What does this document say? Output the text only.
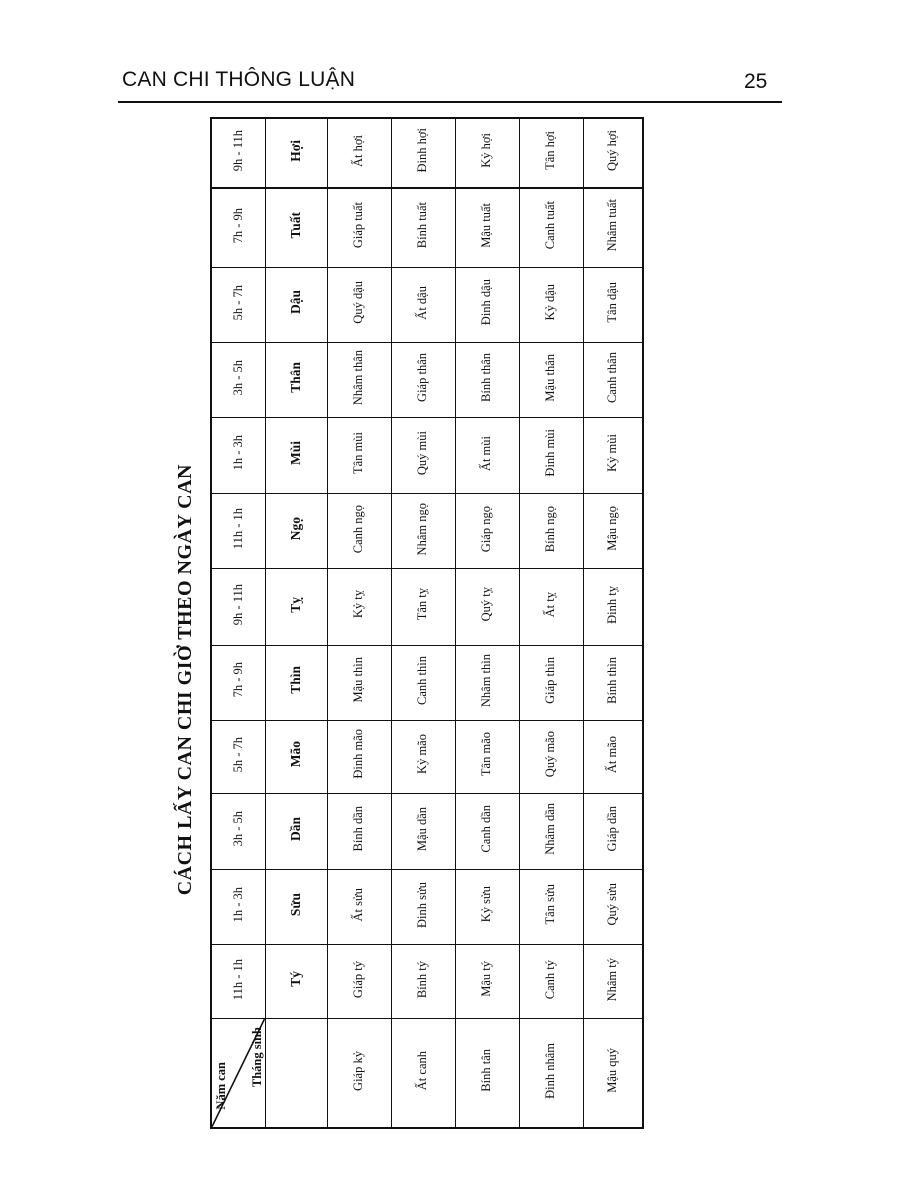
CAN CHI THÔNG LUẬN	25
CÁCH LẤY CAN CHI GIỜ THEO NGÀY CAN
9h - 11h	Hợi	Ất hợi	Đinh hợi	Kỷ hợi	Tân hợi	Quý hợi
7h - 9h	Tuất	Giáp tuất	Bính tuất	Mậu tuất	Canh tuất	Nhâm tuất
5h - 7h	Dậu	Quý dậu	Ất dậu	Đinh dậu	Kỷ dậu	Tân dậu
3h - 5h	Thân	Nhâm thân	Giáp thân	Bính thân	Mậu thân	Canh thân
1h - 3h	Mùi	Tân mùi	Quý mùi	Ất mùi	Đinh mùi	Kỷ mùi
11h - 1h	Ngọ	Canh ngọ	Nhâm ngọ	Giáp ngọ	Bính ngọ	Mậu ngọ
9h - 11h	Tỵ	Kỷ tỵ	Tân tỵ	Quý tỵ	Ất tỵ	Đinh tỵ
7h - 9h	Thìn	Mậu thìn	Canh thìn	Nhâm thìn	Giáp thìn	Bính thìn
5h - 7h	Mão	Đinh mão	Kỷ mão	Tân mão	Quý mão	Ất mão
3h - 5h	Dần	Bính dần	Mậu dần	Canh dần	Nhâm dần	Giáp dần
1h - 3h	Sửu	Ất sửu	Đinh sửu	Kỷ sửu	Tân sửu	Quý sửu
11h - 1h	Tý	Giáp tý	Bính tý	Mậu tý	Canh tý	Nhâm tý

Tháng sinh
Năm can		Giáp kỷ	Ất canh	Bính tân	Đinh nhâm	Mậu quý
